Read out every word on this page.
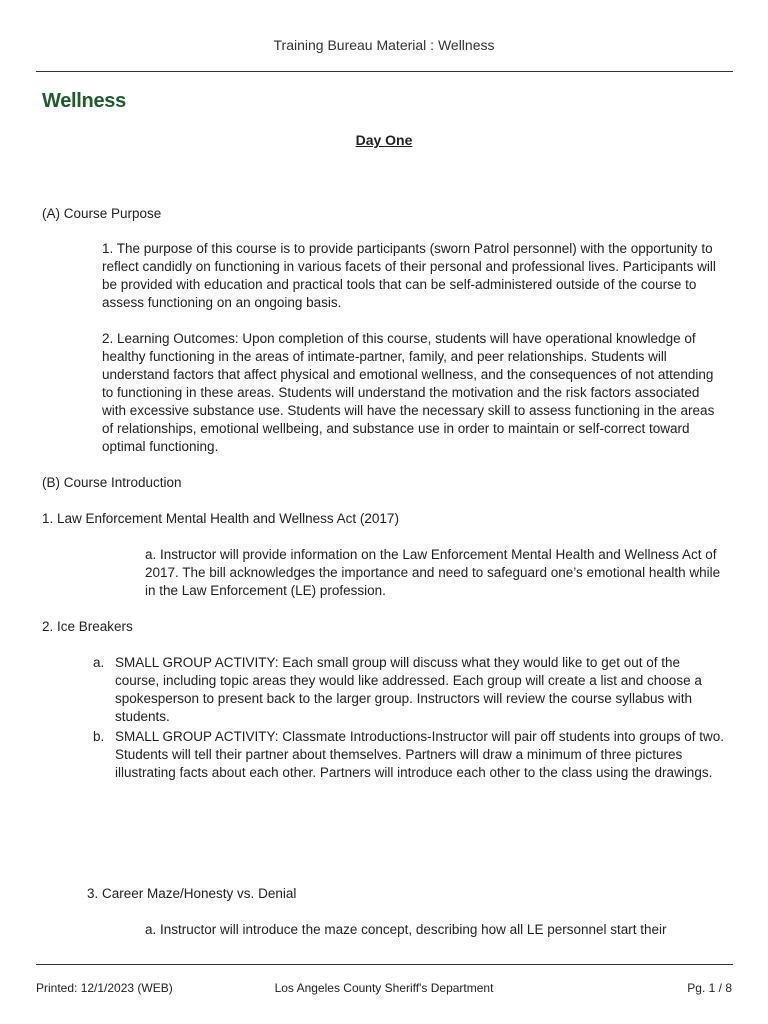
Training Bureau Material : Wellness
Wellness
Day One

(A) Course Purpose

1. The purpose of this course is to provide participants (sworn Patrol personnel) with the opportunity to reflect candidly on functioning in various facets of their personal and professional lives. Participants will be provided with education and practical tools that can be self-administered outside of the course to assess functioning on an ongoing basis.

2. Learning Outcomes: Upon completion of this course, students will have operational knowledge of healthy functioning in the areas of intimate-partner, family, and peer relationships. Students will understand factors that affect physical and emotional wellness, and the consequences of not attending to functioning in these areas. Students will understand the motivation and the risk factors associated with excessive substance use. Students will have the necessary skill to assess functioning in the areas of relationships, emotional wellbeing, and substance use in order to maintain or self-correct toward optimal functioning.

(B) Course Introduction

1. Law Enforcement Mental Health and Wellness Act (2017)

a. Instructor will provide information on the Law Enforcement Mental Health and Wellness Act of 2017. The bill acknowledges the importance and need to safeguard one’s emotional health while in the Law Enforcement (LE) profession.

2. Ice Breakers

a. SMALL GROUP ACTIVITY: Each small group will discuss what they would like to get out of the course, including topic areas they would like addressed. Each group will create a list and choose a spokesperson to present back to the larger group. Instructors will review the course syllabus with students.
b. SMALL GROUP ACTIVITY: Classmate Introductions-Instructor will pair off students into groups of two. Students will tell their partner about themselves. Partners will draw a minimum of three pictures illustrating facts about each other. Partners will introduce each other to the class using the drawings.

3. Career Maze/Honesty vs. Denial

a. Instructor will introduce the maze concept, describing how all LE personnel start their

Printed: 12/1/2023 (WEB)	Los Angeles County Sheriff's Department	Pg. 1 / 8
